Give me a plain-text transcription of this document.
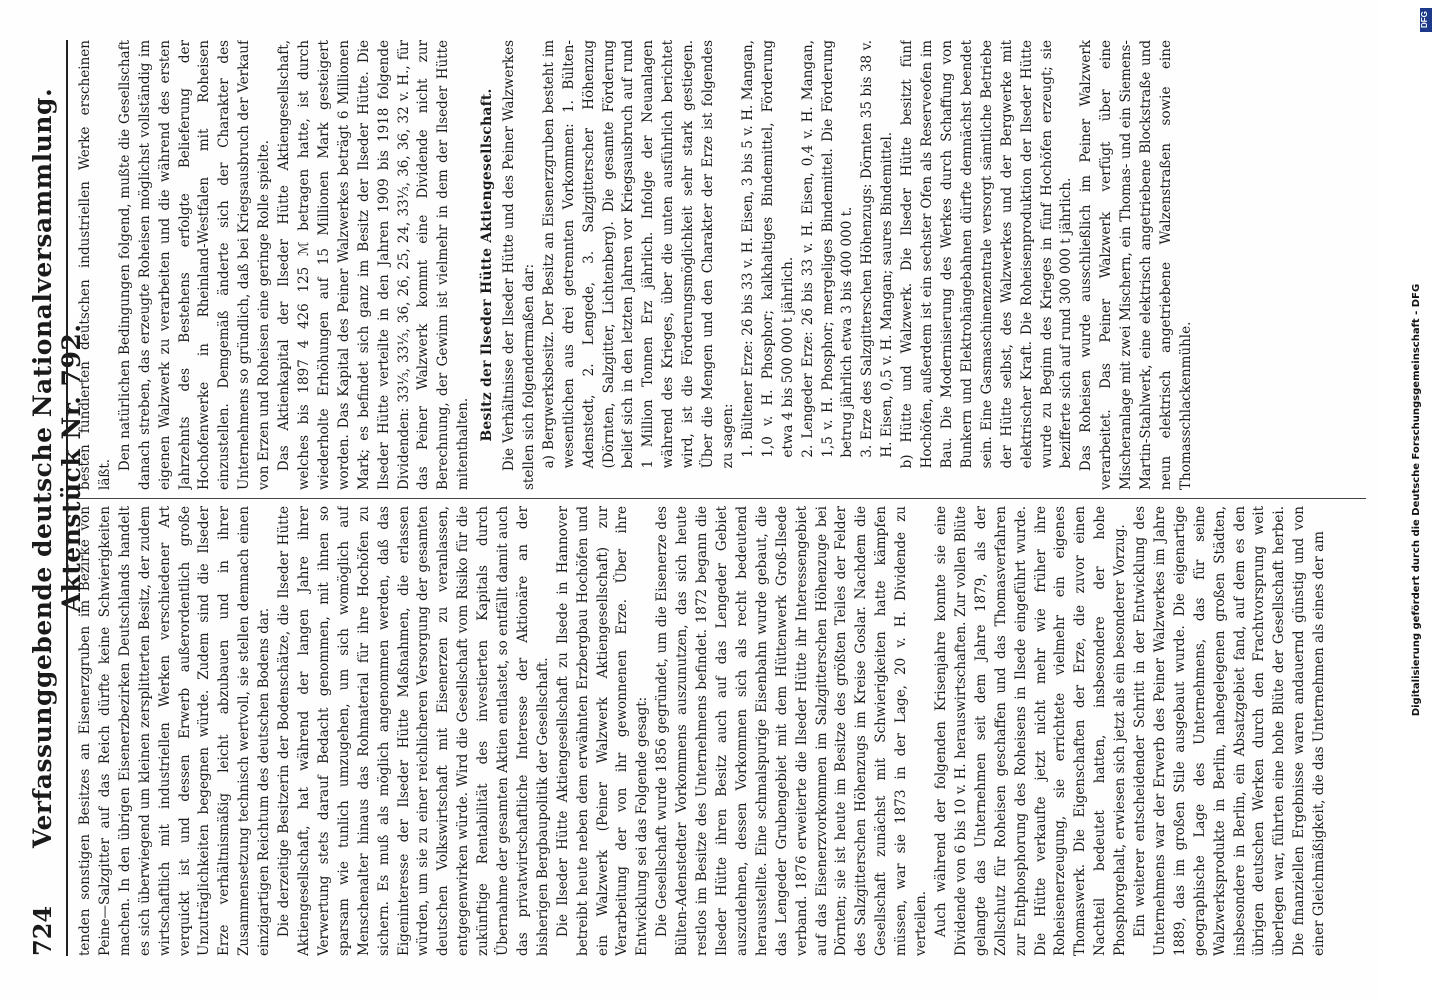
724
Verfassunggebende deutsche Nationalversammlung. Aktenstück Nr. 792.

tenden sonstigen Besitzes an Eisenerzgruben im Bezirke von Peine—Salzgitter auf das Reich dürfte keine Schwierigkeiten machen. In den übrigen Eisenerzbezirken Deutschlands handelt es sich überwiegend um kleinen zersplitterten Besitz, der zudem wirtschaftlich mit industriellen Werken verschiedener Art verquickt ist und dessen Erwerb außerordentlich große Unzuträglichkeiten begegnen würde. Zudem sind die Ilseder Erze verhältnismäßig leicht abzubauen und in ihrer Zusammensetzung technisch wertvoll, sie stellen demnach einen einzigartigen Reichtum des deutschen Bodens dar. Die derzeitige Besitzerin der Bodenschätze, die Ilseder Hütte Aktiengesellschaft, hat während der langen Jahre ihrer Verwertung stets darauf Bedacht genommen, mit ihnen so sparsam wie tunlich umzugehen, um sich womöglich auf Menschenalter hinaus das Rohmaterial für ihre Hochöfen zu sichern. Es muß als möglich angenommen werden, daß das Eigeninteresse der Ilseder Hütte Maßnahmen, die erlassen würden, um sie zu einer reichlicheren Versorgung der gesamten deutschen Volkswirtschaft mit Eisenerzen zu veranlassen, entgegenwirken würde. Wird die Gesellschaft vom Risiko für die zukünftige Rentabilität des investierten Kapitals durch Übernahme der gesamten Aktien entlastet, so entfällt damit auch das privatwirtschaftliche Interesse der Aktionäre an der bisherigen Bergbaupolitik der Gesellschaft. Die Ilseder Hütte Aktiengesellschaft zu Ilsede in Hannover betreibt heute neben dem erwähnten Erzbergbau Hochöfen und ein Walzwerk (Peiner Walzwerk Aktiengesellschaft) zur Verarbeitung der von ihr gewonnenen Erze. Über ihre Entwicklung sei das Folgende gesagt: Die Gesellschaft wurde 1856 gegründet, um die Eisenerze des Bülten-Adenstedter Vorkommens auszunutzen, das sich heute restlos im Besitze des Unternehmens befindet. 1872 begann die Ilseder Hütte ihren Besitz auch auf das Lengeder Gebiet auszudehnen, dessen Vorkommen sich als recht bedeutend herausstellte. Eine schmalspurige Eisenbahn wurde gebaut, die das Lengeder Grubengebiet mit dem Hüttenwerk Groß-Ilsede verband. 1876 erweiterte die Ilseder Hütte ihr Interessengebiet auf das Eisenerzvorkommen im Salzgitterschen Höhenzuge bei Dörnten; sie ist heute im Besitze des größten Teiles der Felder des Salzgitterschen Höhenzugs im Kreise Goslar. Nachdem die Gesellschaft zunächst mit Schwierigkeiten hatte kämpfen müssen, war sie 1873 in der Lage, 20 v. H. Dividende zu verteilen. Auch während der folgenden Krisenjahre konnte sie eine Dividende von 6 bis 10 v. H. herauswirtschaften. Zur vollen Blüte gelangte das Unternehmen seit dem Jahre 1879, als der Zollschutz für Roheisen geschaffen und das Thomasverfahren zur Entphosphorung des Roheisens in Ilsede eingeführt wurde. Die Hütte verkaufte jetzt nicht mehr wie früher ihre Roheisenerzeugung, sie errichtete vielmehr ein eigenes Thomaswerk. Die Eigenschaften der Erze, die zuvor einen Nachteil bedeutet hatten, insbesondere der hohe Phosphorgehalt, erwiesen sich jetzt als ein besonderer Vorzug. Ein weiterer entscheidender Schritt in der Entwicklung des Unternehmens war der Erwerb des Peiner Walzwerkes im Jahre 1889, das im großen Stile ausgebaut wurde. Die eigenartige geographische Lage des Unternehmens, das für seine Walzwerksprodukte in Berlin, nahegelegenen großen Städten, insbesondere in Berlin, ein Absatzgebiet fand, auf dem es den übrigen deutschen Werken durch den Frachtvorsprung weit überlegen war, führten eine hohe Blüte der Gesellschaft herbei. Die finanziellen Ergebnisse waren andauernd günstig und von einer Gleichmäßigkeit, die das Unternehmen als eines der am

besten fundierten deutschen industriellen Werke erscheinen läßt.

Den natürlichen Bedingungen folgend, mußte die Gesellschaft danach streben, das erzeugte Roheisen möglichst vollständig im eigenen Walzwerk zu verarbeiten und die während des ersten Jahrzehnts des Bestehens erfolgte Belieferung der Hochofenwerke in Rheinland-Westfalen mit Roheisen einzustellen. Demgemäß änderte sich der Charakter des Unternehmens so gründlich, daß bei Kriegsausbruch der Verkauf von Erzen und Roheisen eine geringe Rolle spielte. Das Aktienkapital der Ilseder Hütte Aktiengesellschaft, welches bis 1897 4 426 125 ℳ betragen hatte, ist durch wiederholte Erhöhungen auf 15 Millionen Mark gesteigert worden. Das Kapital des Peiner Walzwerkes beträgt 6 Millionen Mark; es befindet sich ganz im Besitz der Ilseder Hütte. Die Ilseder Hütte verteilte in den Jahren 1909 bis 1918 folgende Dividenden: 33⅓, 33⅓, 36, 26, 25, 24, 33⅓, 36, 36, 32 v. H., für das Peiner Walzwerk kommt eine Dividende nicht zur Berechnung, der Gewinn ist vielmehr in dem der Ilseder Hütte mitenthalten.

Besitz der Ilseder Hütte Aktiengesellschaft. Die Verhältnisse der Ilseder Hütte und des Peiner Walzwerkes stellen sich folgendermaßen dar: a) Bergwerksbesitz. Der Besitz an Eisenerzgruben besteht im wesentlichen aus drei getrennten Vorkommen: 1. Bülten-Adenstedt, 2. Lengede, 3. Salzgitterscher Höhenzug (Dörnten, Salzgitter, Lichtenberg). Die gesamte Förderung belief sich in den letzten Jahren vor Kriegsausbruch auf rund 1 Million Tonnen Erz jährlich. Infolge der Neuanlagen während des Krieges, über die unten ausführlich berichtet wird, ist die Förderungsmöglichkeit sehr stark gestiegen. Über die Mengen und den Charakter der Erze ist folgendes zu sagen: 1. Bültener Erze: 26 bis 33 v. H. Eisen, 3 bis 5 v. H. Mangan, 1,0 v. H. Phosphor; kalkhaltiges Bindemittel, Förderung etwa 4 bis 500 000 t jährlich. 2. Lengeder Erze: 26 bis 33 v. H. Eisen, 0,4 v. H. Mangan, 1,5 v. H. Phosphor; mergeliges Bindemittel. Die Förderung betrug jährlich etwa 3 bis 400 000 t. 3. Erze des Salzgitterschen Höhenzugs: Dörnten 35 bis 38 v. H. Eisen, 0,5 v. H. Mangan; saures Bindemittel. b) Hütte und Walzwerk. Die Ilseder Hütte besitzt fünf Hochöfen, außerdem ist ein sechster Ofen als Reserveofen im Bau. Die Modernisierung des Werkes durch Schaffung von Bunkern und Elektrohängebahnen dürfte demnächst beendet sein. Eine Gasmaschinenzentrale versorgt sämtliche Betriebe der Hütte selbst, des Walzwerkes und der Bergwerke mit elektrischer Kraft. Die Roheisenproduktion der Ilseder Hütte wurde zu Beginn des Krieges in fünf Hochöfen erzeugt; sie bezifferte sich auf rund 300 000 t jährlich. Das Roheisen wurde ausschließlich im Peiner Walzwerk verarbeitet. Das Peiner Walzwerk verfügt über eine Mischeranlage mit zwei Mischern, ein Thomas- und ein Siemens-Martin-Stahlwerk, eine elektrisch angetriebene Blockstraße und neun elektrisch angetriebene Walzenstraßen sowie eine Thomasschlackenmühle.	Digitalisierung gefördert durch die Deutsche Forschungsgemeinschaft - DFG
DFG
